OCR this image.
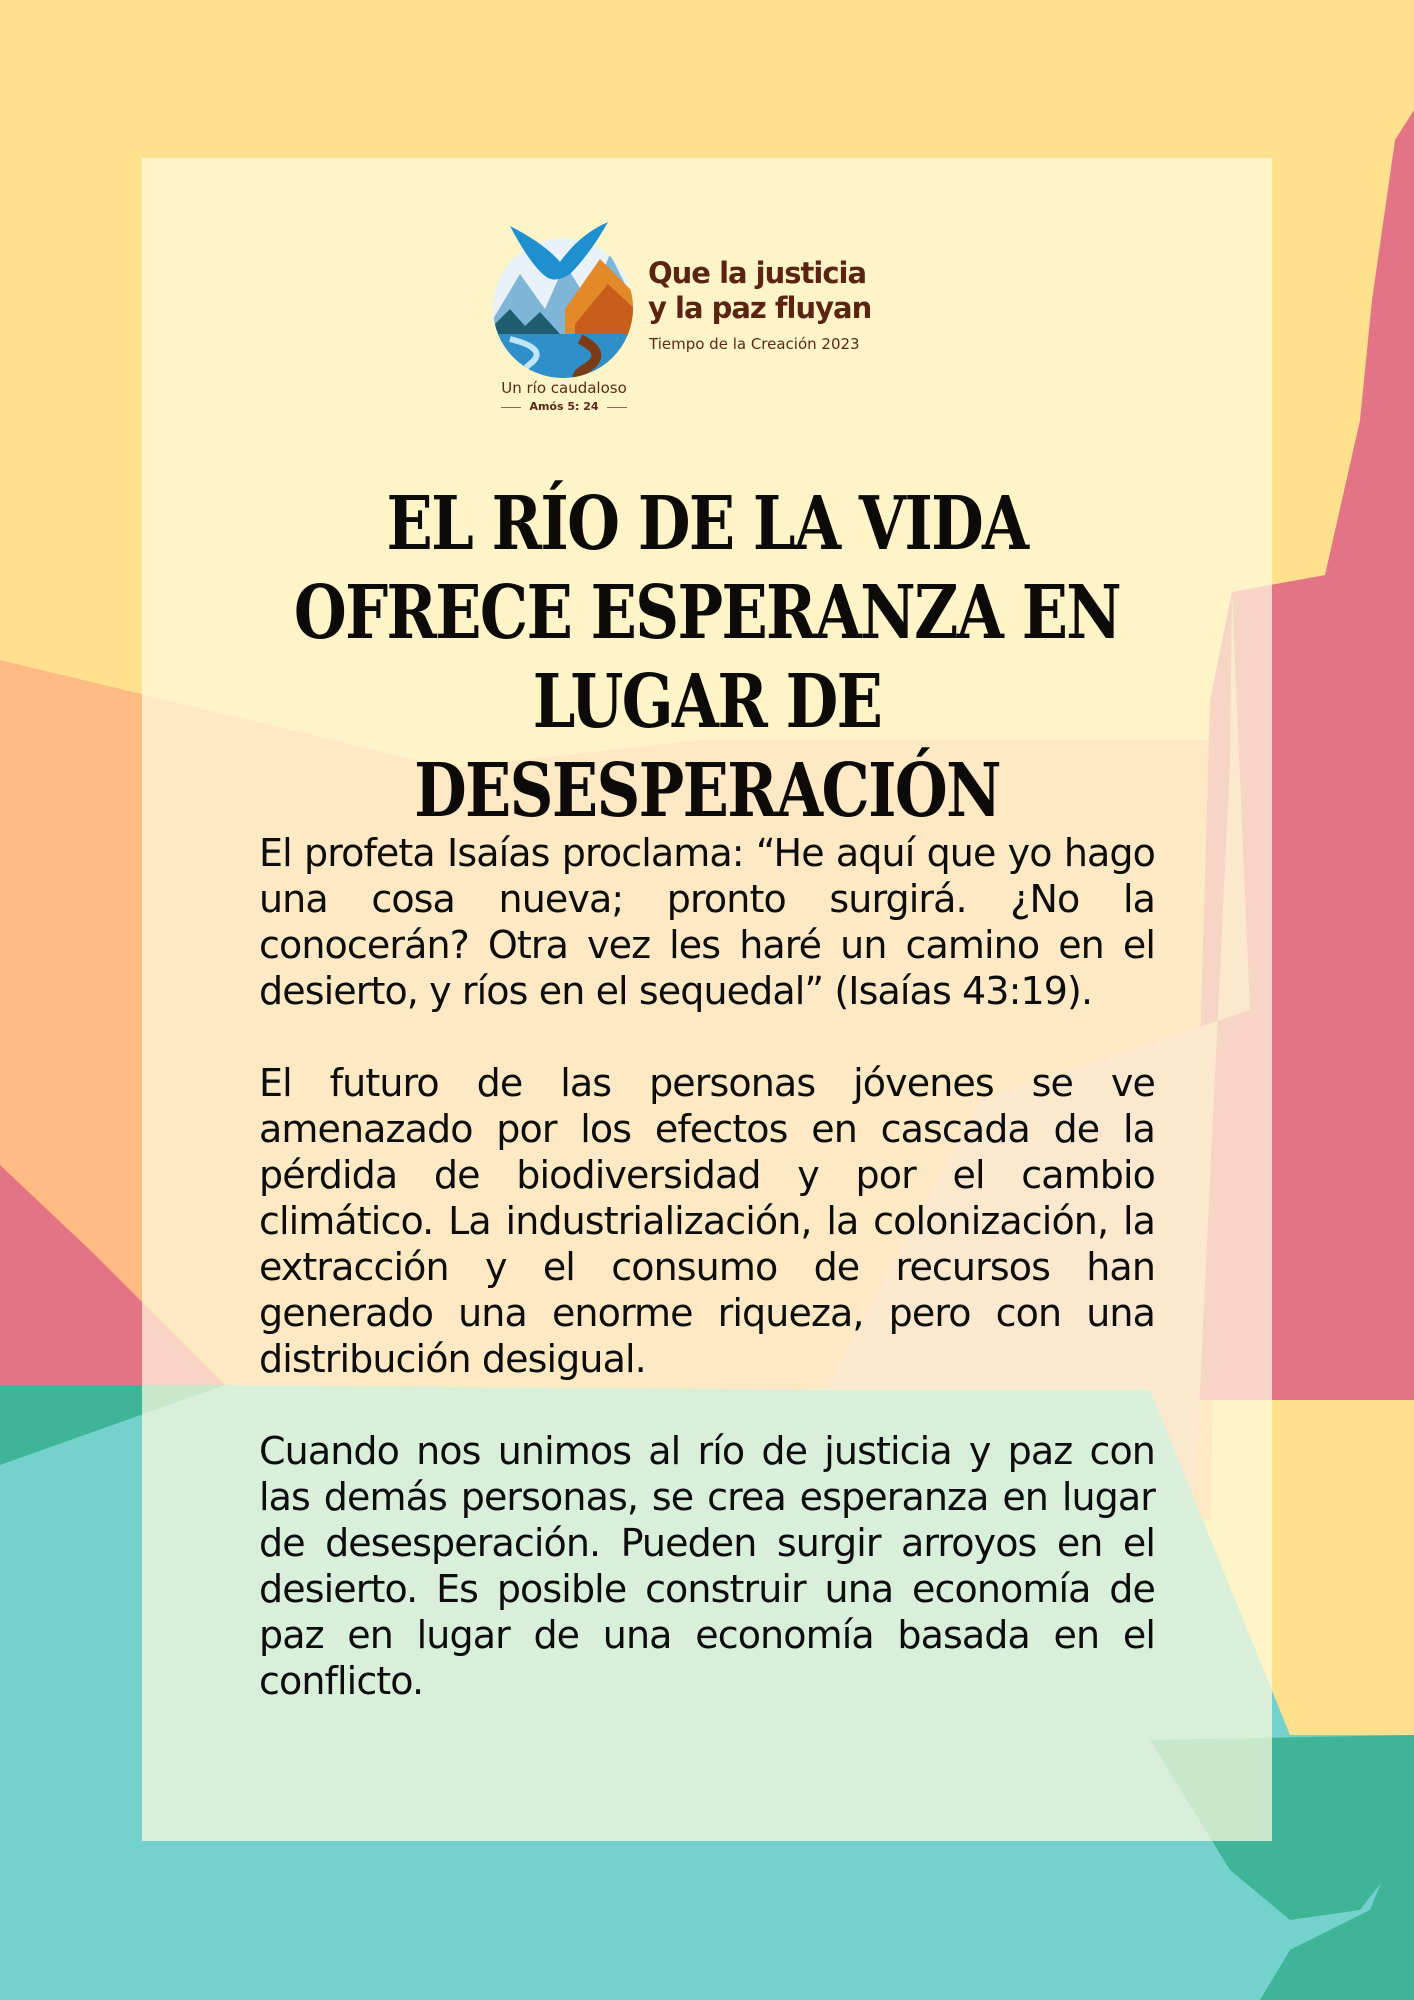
Que la justicia
y la paz fluyan
Tiempo de la Creación 2023
Un río caudaloso
Amós 5: 24
EL RÍO DE LA VIDA
OFRECE ESPERANZA EN
LUGAR DE DESESPERACIÓN

El profeta Isaías proclama: “He aquí que yo hago una cosa nueva; pronto surgirá. ¿No la conocerán? Otra vez les haré un camino en el desierto, y ríos en el sequedal” (Isaías 43:19).

El futuro de las personas jóvenes se ve amenazado por los efectos en cascada de la pérdida de biodiversidad y por el cambio climático. La industrialización, la colonización, la extracción y el consumo de recursos han generado una enorme riqueza, pero con una distribución desigual.

Cuando nos unimos al río de justicia y paz con las demás personas, se crea esperanza en lugar de desesperación. Pueden surgir arroyos en el desierto. Es posible construir una economía de paz en lugar de una economía basada en el conflicto.
